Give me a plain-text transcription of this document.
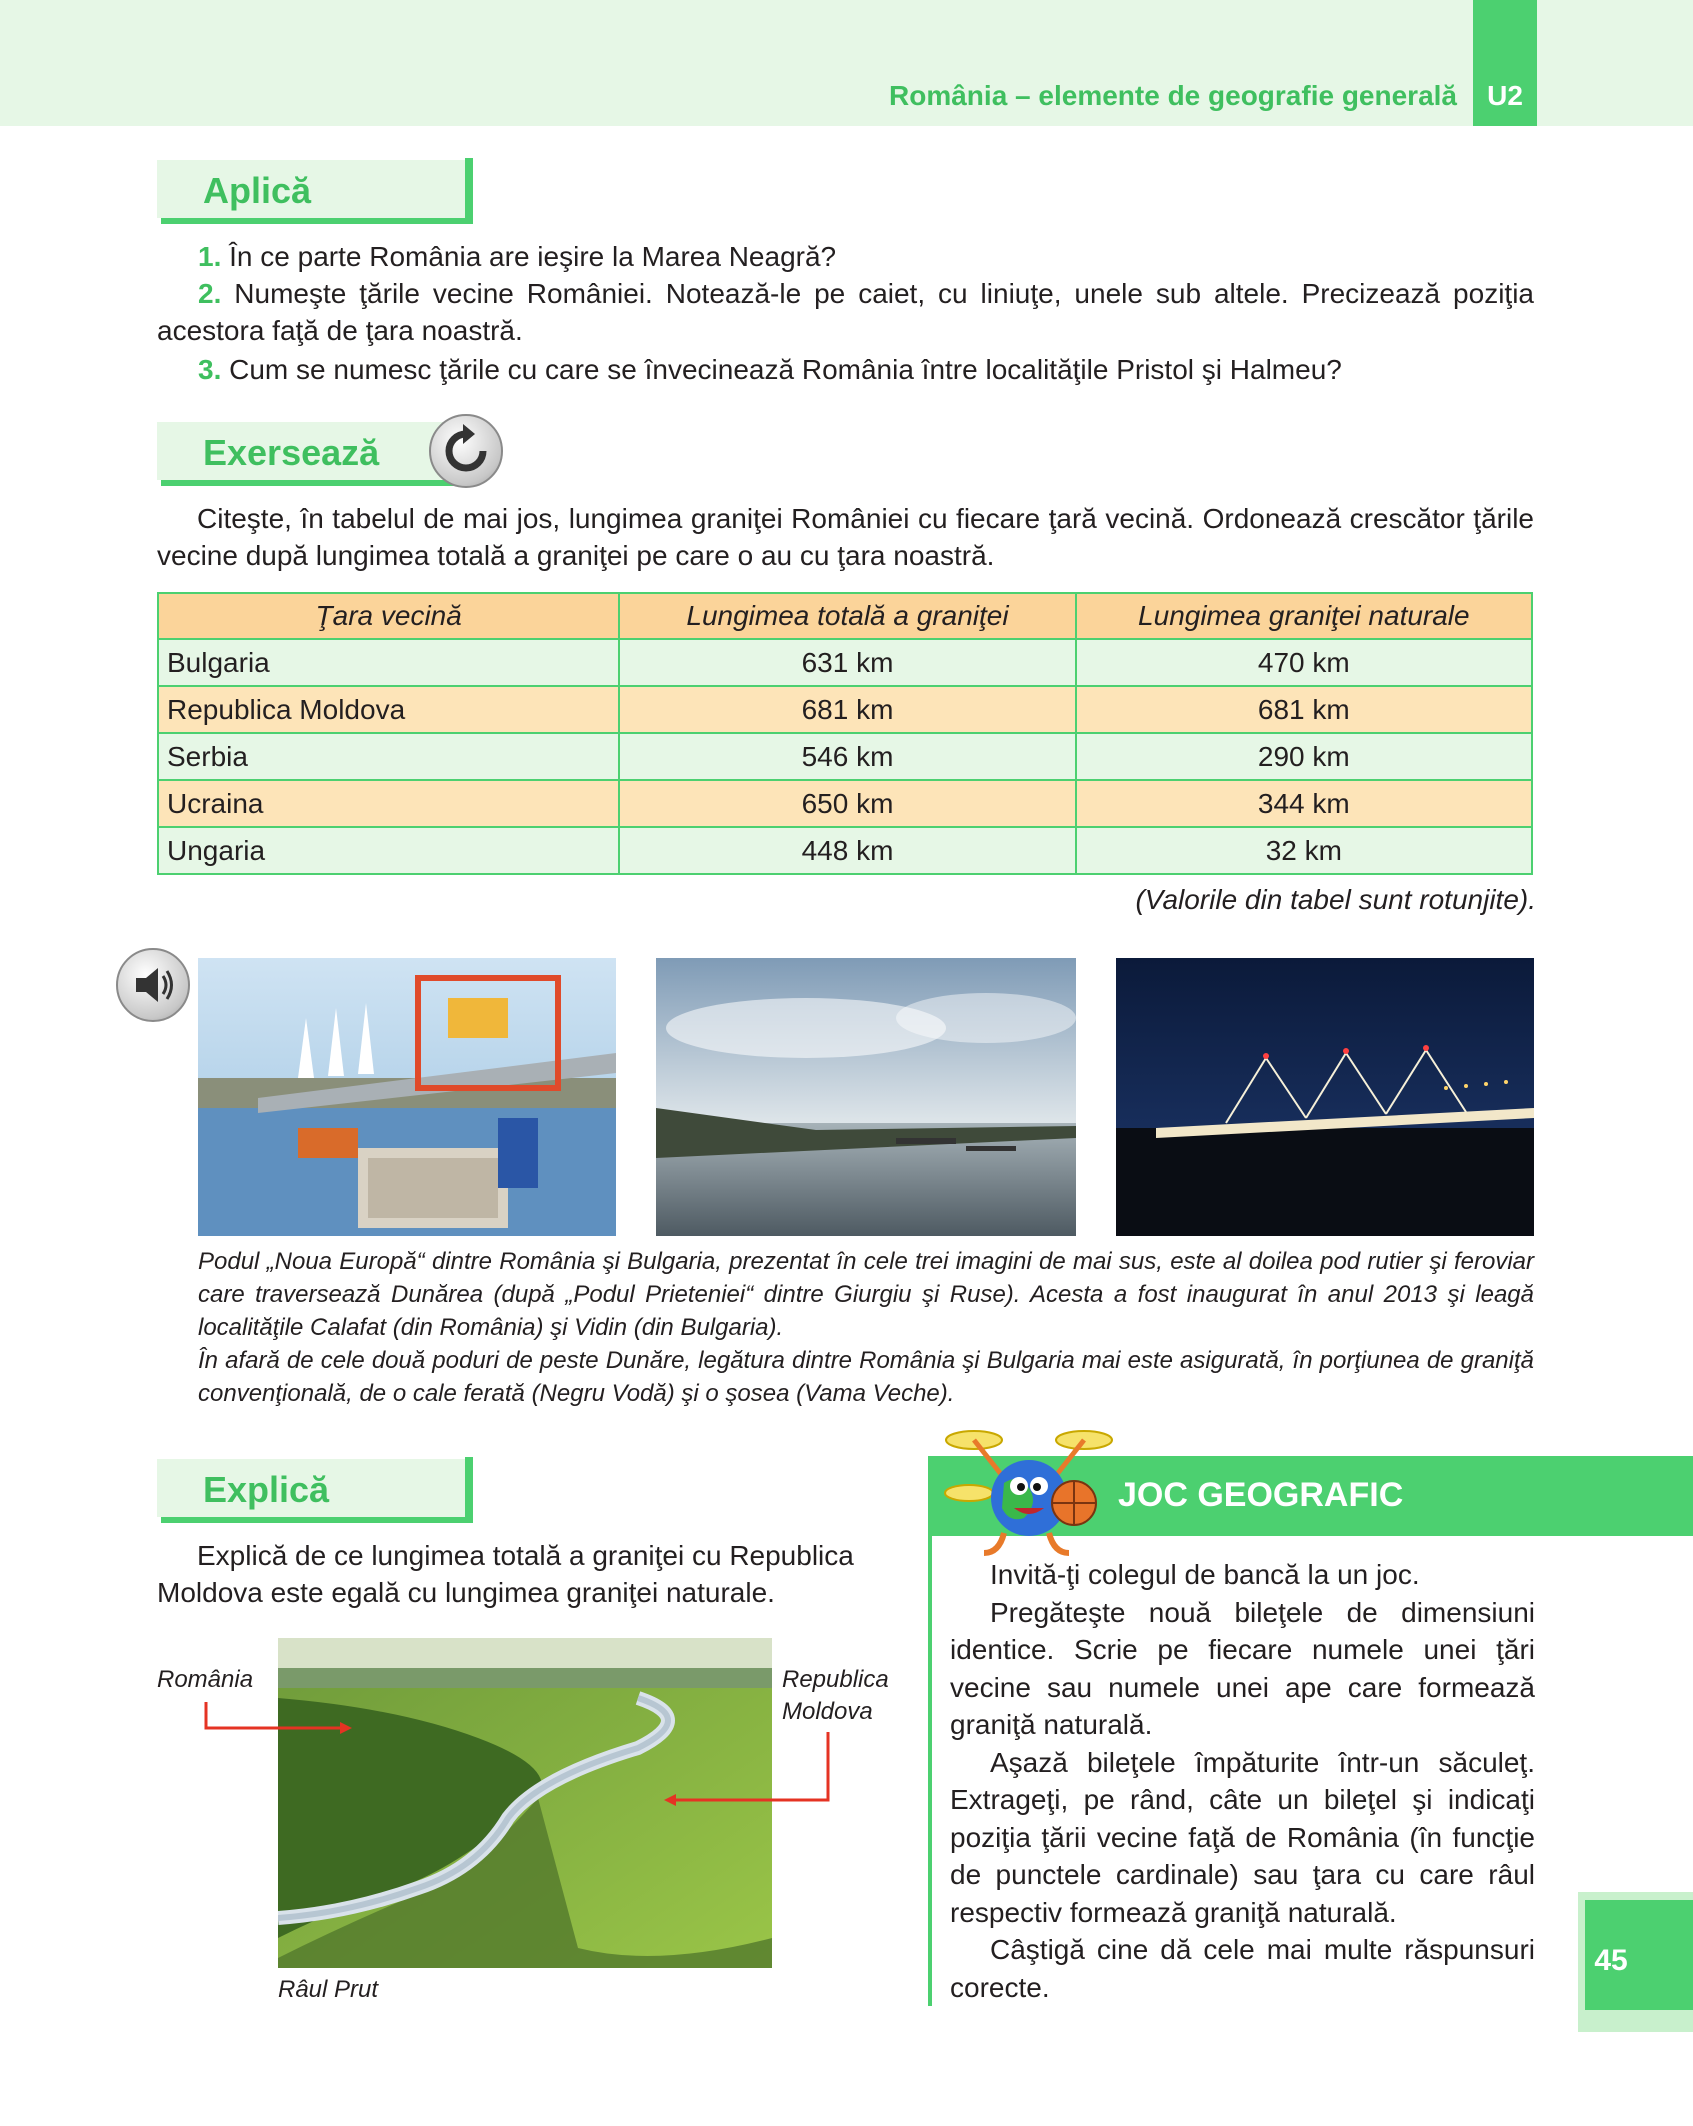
România – elemente de geografie generală	U2
Aplică
1. În ce parte România are ieşire la Marea Neagră?
2. Numeşte ţările vecine României. Notează-le pe caiet, cu liniuţe, unele sub altele. Precizează poziţia acestora faţă de ţara noastră.
3. Cum se numesc ţările cu care se învecinează România între localităţile Pristol şi Halmeu?
Exersează
Citeşte, în tabelul de mai jos, lungimea graniţei României cu fiecare ţară vecină. Ordonează crescător ţările vecine după lungimea totală a graniţei pe care o au cu ţara noastră.
Ţara vecină	Lungimea totală a graniţei	Lungimea graniţei naturale
Bulgaria	631 km	470 km
Republica Moldova	681 km	681 km
Serbia	546 km	290 km
Ucraina	650 km	344 km
Ungaria	448 km	32 km
(Valorile din tabel sunt rotunjite).
Podul „Noua Europă“ dintre România şi Bulgaria, prezentat în cele trei imagini de mai sus, este al doilea pod rutier şi feroviar care traversează Dunărea (după „Podul Prieteniei“ dintre Giurgiu şi Ruse). Acesta a fost inaugurat în anul 2013 şi leagă localităţile Calafat (din România) şi Vidin (din Bulgaria).
În afară de cele două poduri de peste Dunăre, legătura dintre România şi Bulgaria mai este asigurată, în porţiunea de graniţă convenţională, de o cale ferată (Negru Vodă) şi o şosea (Vama Veche).
Explică
Explică de ce lungimea totală a graniţei cu Republica Moldova este egală cu lungimea graniţei naturale.
România	Republica
Moldova
Râul Prut
JOC GEOGRAFIC

Invită-ţi colegul de bancă la un joc.

Pregăteşte nouă bileţele de dimensiuni identice. Scrie pe fiecare numele unei ţări vecine sau numele unei ape care formează graniţă naturală.

Aşază bileţele împăturite într-un săculeţ. Extrageţi, pe rând, câte un bileţel şi indicaţi poziţia ţării vecine faţă de România (în funcţie de punctele cardinale) sau ţara cu care râul respectiv formează graniţă naturală.

Câştigă cine dă cele mai multe răspunsuri corecte.

45
